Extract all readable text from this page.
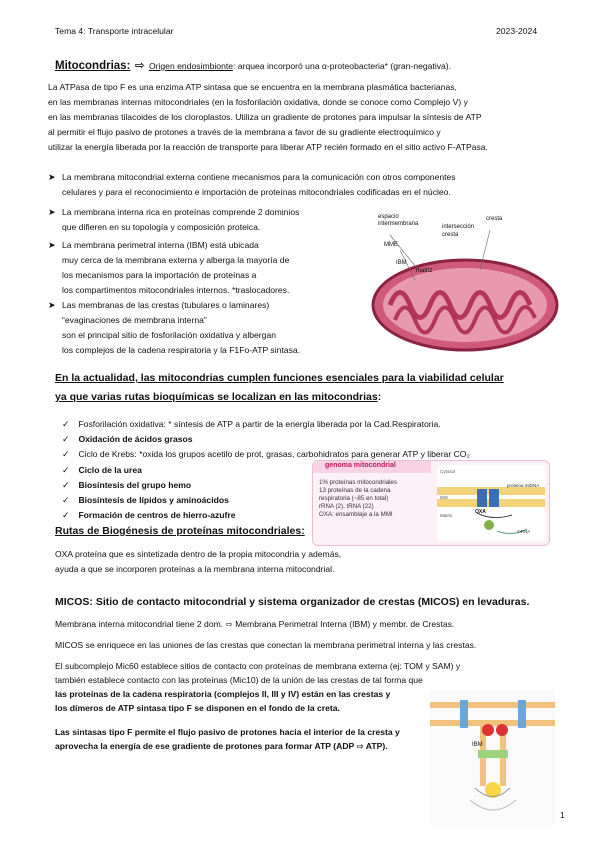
Tema 4: Transporte intracelular	2023-2024
Mitocondrias: ⇨ Origen endosimbionte: arquea incorporó una α-proteobacteria* (gran-negativa).
La ATPasa de tipo F es una enzima ATP sintasa que se encuentra en la membrana plasmática bacterianas,
en las membranas internas mitocondriales (en la fosforilación oxidativa, donde se conoce como Complejo V) y
en las membranas tilacoides de los cloroplastos. Utiliza un gradiente de protones para impulsar la síntesis de ATP
al permitir el flujo pasivo de protones a través de la membrana a favor de su gradiente electroquímico y
utilizar la energía liberada por la reacción de transporte para liberar ATP recién formado en el sitio activo F-ATPasa.
➤ La membrana mitocondrial externa contiene mecanismos para la comunicación con otros componentes
celulares y para el reconocimiento e importación de proteínas mitocondriales codificadas en el núcleo.
➤ La membrana interna rica en proteínas comprende 2 dominios
que difieren en su topología y composición proteica.
➤ La membrana perimetral interna (IBM) está ubicada
muy cerca de la membrana externa y alberga la mayoría de
los mecanismos para la importación de proteínas a
los compartimentos mitocondriales internos. *traslocadores.
➤ Las membranas de las crestas (tubulares o laminares)
“evaginaciones de membrana interna”
son el principal sitio de fosforilación oxidativa y albergan
los complejos de la cadena respiratoria y la F1Fo-ATP sintasa.
espacio
intermembrana
cresta
MME
intersección
cresta
IBM
matriz
En la actualidad, las mitocondrias cumplen funciones esenciales para la viabilidad celular
ya que varias rutas bioquímicas se localizan en las mitocondrias:
✓ Fosforilación oxidativa: * síntesis de ATP a partir de la energía liberada por la Cad.Respiratoria.
✓ Oxidación de ácidos grasos
✓ Ciclo de Krebs: *oxida los grupos acetilo de prot, grasas, carbohidratos para generar ATP y liberar CO₂
✓ Ciclo de la urea
✓ Biosíntesis del grupo hemo
✓ Biosíntesis de lípidos y aminoácidos
✓ Formación de centros de hierro-azufre
genoma mitocondrial
1% proteínas mitocondriales
13 proteínas de la cadena
respiratoria (~85 en total)
rRNA (2), tRNA (22)
OXA: ensamblaje a la MMI
Cytosol
IMS
Matrix
proteína mtDNA
OXA
mRNA
Rutas de Biogénesis de proteínas mitocondriales:
OXA proteína que es sintetizada dentro de la propia mitocondria y además,
ayuda a que se incorporen proteínas a la membrana interna mitocondrial.
MICOS: Sitio de contacto mitocondrial y sistema organizador de crestas (MICOS) en levaduras.
Membrana interna mitocondrial tiene 2 dom. ⇨ Membrana Perimetral Interna (IBM) y membr. de Crestas.
MICOS se enriquece en las uniones de las crestas que conectan la membrana perimetral interna y las crestas.
El subcomplejo Mic60 establece sitios de contacto con proteínas de membrana externa (ej: TOM y SAM) y
también establece contacto con las proteínas (Mic10) de la unión de las crestas de tal forma que
las proteínas de la cadena respiratoria (complejos II, III y IV) están en las crestas y
los dímeros de ATP sintasa tipo F se disponen en el fondo de la creta.
Las sintasas tipo F permite el flujo pasivo de protones hacia el interior de la cresta y
aprovecha la energía de ese gradiente de protones para formar ATP (ADP ⇨ ATP).	IBM
1
